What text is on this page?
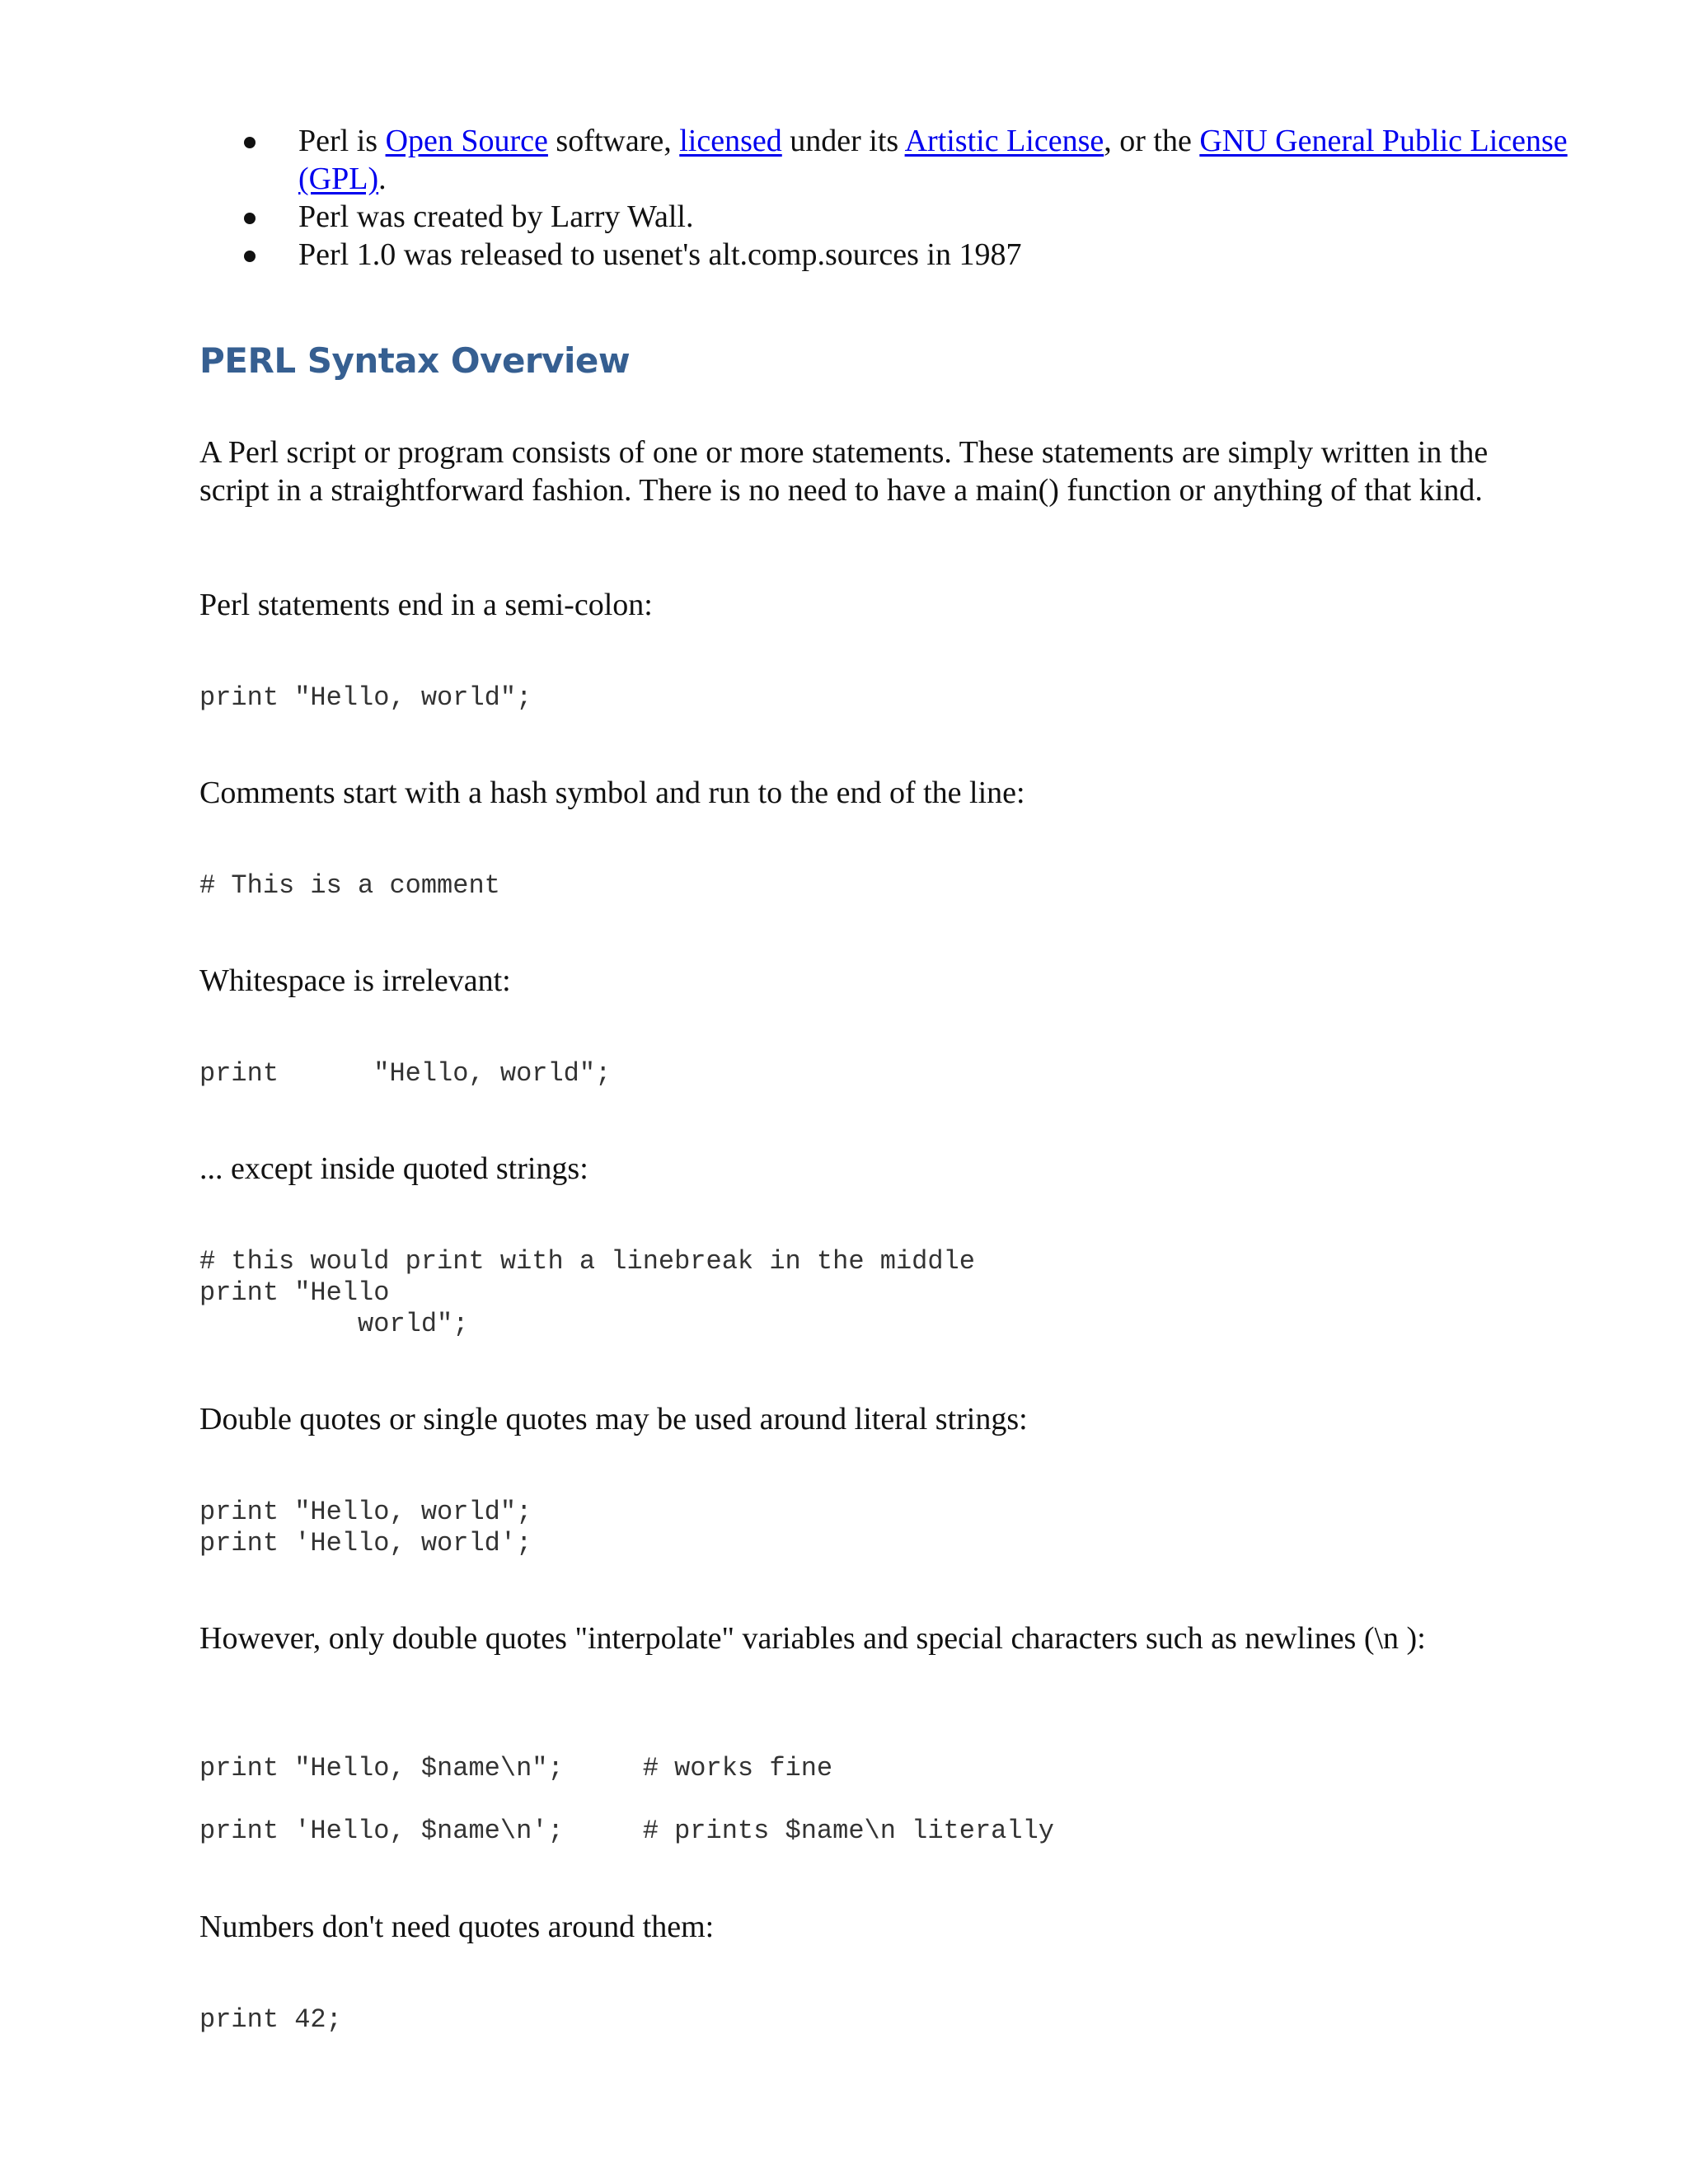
Perl is Open Source software, licensed under its Artistic License, or the GNU General Public License (GPL).
Perl was created by Larry Wall.
Perl 1.0 was released to usenet's alt.comp.sources in 1987
PERL Syntax Overview
A Perl script or program consists of one or more statements. These statements are simply written in the script in a straightforward fashion. There is no need to have a main() function or anything of that kind.
Perl statements end in a semi-colon:
print "Hello, world";
Comments start with a hash symbol and run to the end of the line:
# This is a comment
Whitespace is irrelevant:
print      "Hello, world";
... except inside quoted strings:
# this would print with a linebreak in the middle
print "Hello
world";
Double quotes or single quotes may be used around literal strings:
print "Hello, world";
print 'Hello, world';
However, only double quotes "interpolate" variables and special characters such as newlines (\n ):
print "Hello, $name\n";     # works fine
print 'Hello, $name\n';     # prints $name\n literally
Numbers don't need quotes around them:
print 42;
